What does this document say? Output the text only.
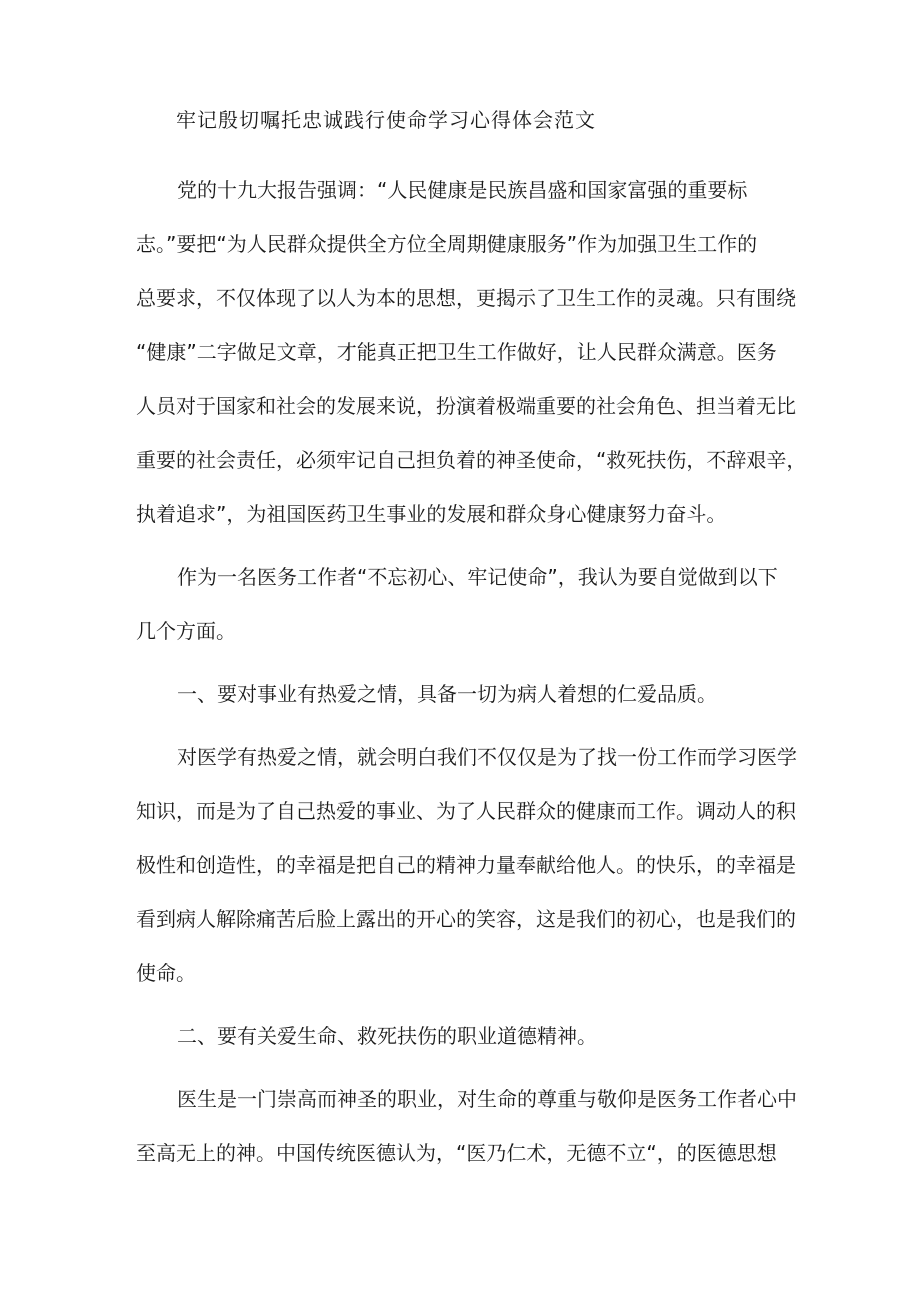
牢记殷切嘱托忠诚践行使命学习心得体会范文
党的十九大报告强调：“人民健康是民族昌盛和国家富强的重要标
志。”要把“为人民群众提供全方位全周期健康服务”作为加强卫生工作的
总要求，不仅体现了以人为本的思想，更揭示了卫生工作的灵魂。只有围绕
“健康”二字做足文章，才能真正把卫生工作做好，让人民群众满意。医务
人员对于国家和社会的发展来说，扮演着极端重要的社会角色、担当着无比
重要的社会责任，必须牢记自己担负着的神圣使命，“救死扶伤，不辞艰辛，
执着追求”，为祖国医药卫生事业的发展和群众身心健康努力奋斗。
作为一名医务工作者“不忘初心、牢记使命”，我认为要自觉做到以下
几个方面。
一、要对事业有热爱之情，具备一切为病人着想的仁爱品质。
对医学有热爱之情，就会明白我们不仅仅是为了找一份工作而学习医学
知识，而是为了自己热爱的事业、为了人民群众的健康而工作。调动人的积
极性和创造性，的幸福是把自己的精神力量奉献给他人。的快乐，的幸福是
看到病人解除痛苦后脸上露出的开心的笑容，这是我们的初心，也是我们的
使命。
二、要有关爱生命、救死扶伤的职业道德精神。
医生是一门崇高而神圣的职业，对生命的尊重与敬仰是医务工作者心中
至高无上的神。中国传统医德认为，“医乃仁术，无德不立“，的医德思想
